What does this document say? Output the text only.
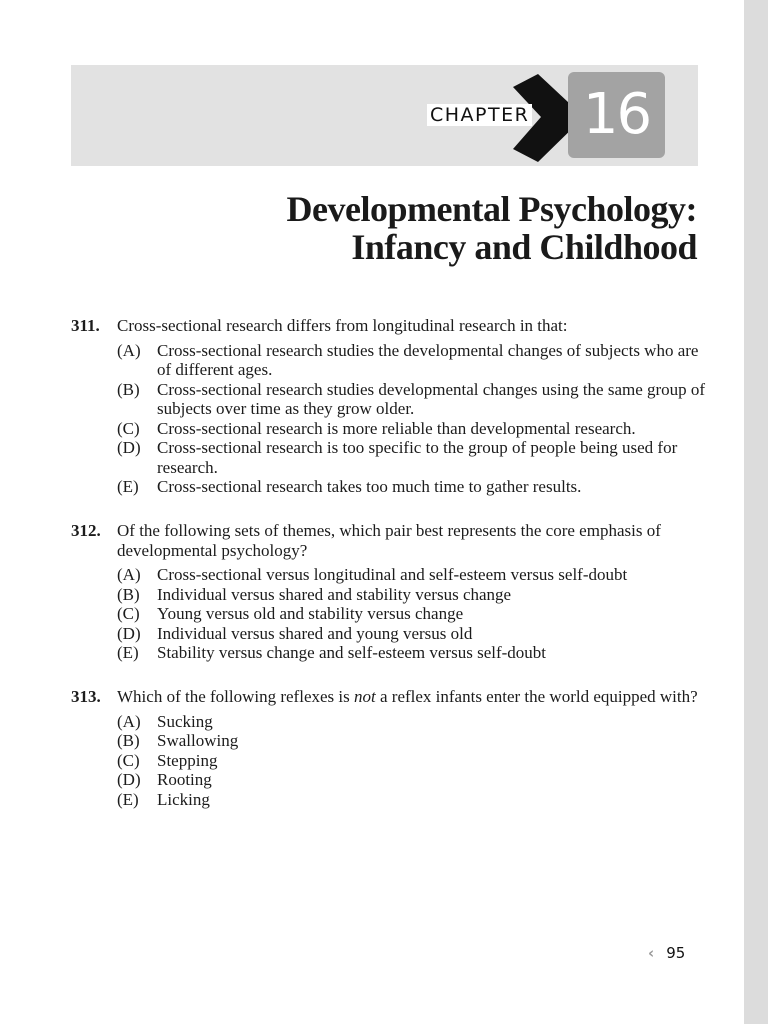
CHAPTER 16
Developmental Psychology:
Infancy and Childhood
311. Cross-sectional research differs from longitudinal research in that:
(A) Cross-sectional research studies the developmental changes of subjects who are of different ages.
(B) Cross-sectional research studies developmental changes using the same group of subjects over time as they grow older.
(C) Cross-sectional research is more reliable than developmental research.
(D) Cross-sectional research is too specific to the group of people being used for research.
(E) Cross-sectional research takes too much time to gather results.
312. Of the following sets of themes, which pair best represents the core emphasis of developmental psychology?
(A) Cross-sectional versus longitudinal and self-esteem versus self-doubt
(B) Individual versus shared and stability versus change
(C) Young versus old and stability versus change
(D) Individual versus shared and young versus old
(E) Stability versus change and self-esteem versus self-doubt
313. Which of the following reflexes is not a reflex infants enter the world equipped with?
(A) Sucking
(B) Swallowing
(C) Stepping
(D) Rooting
(E) Licking
‹ 95
